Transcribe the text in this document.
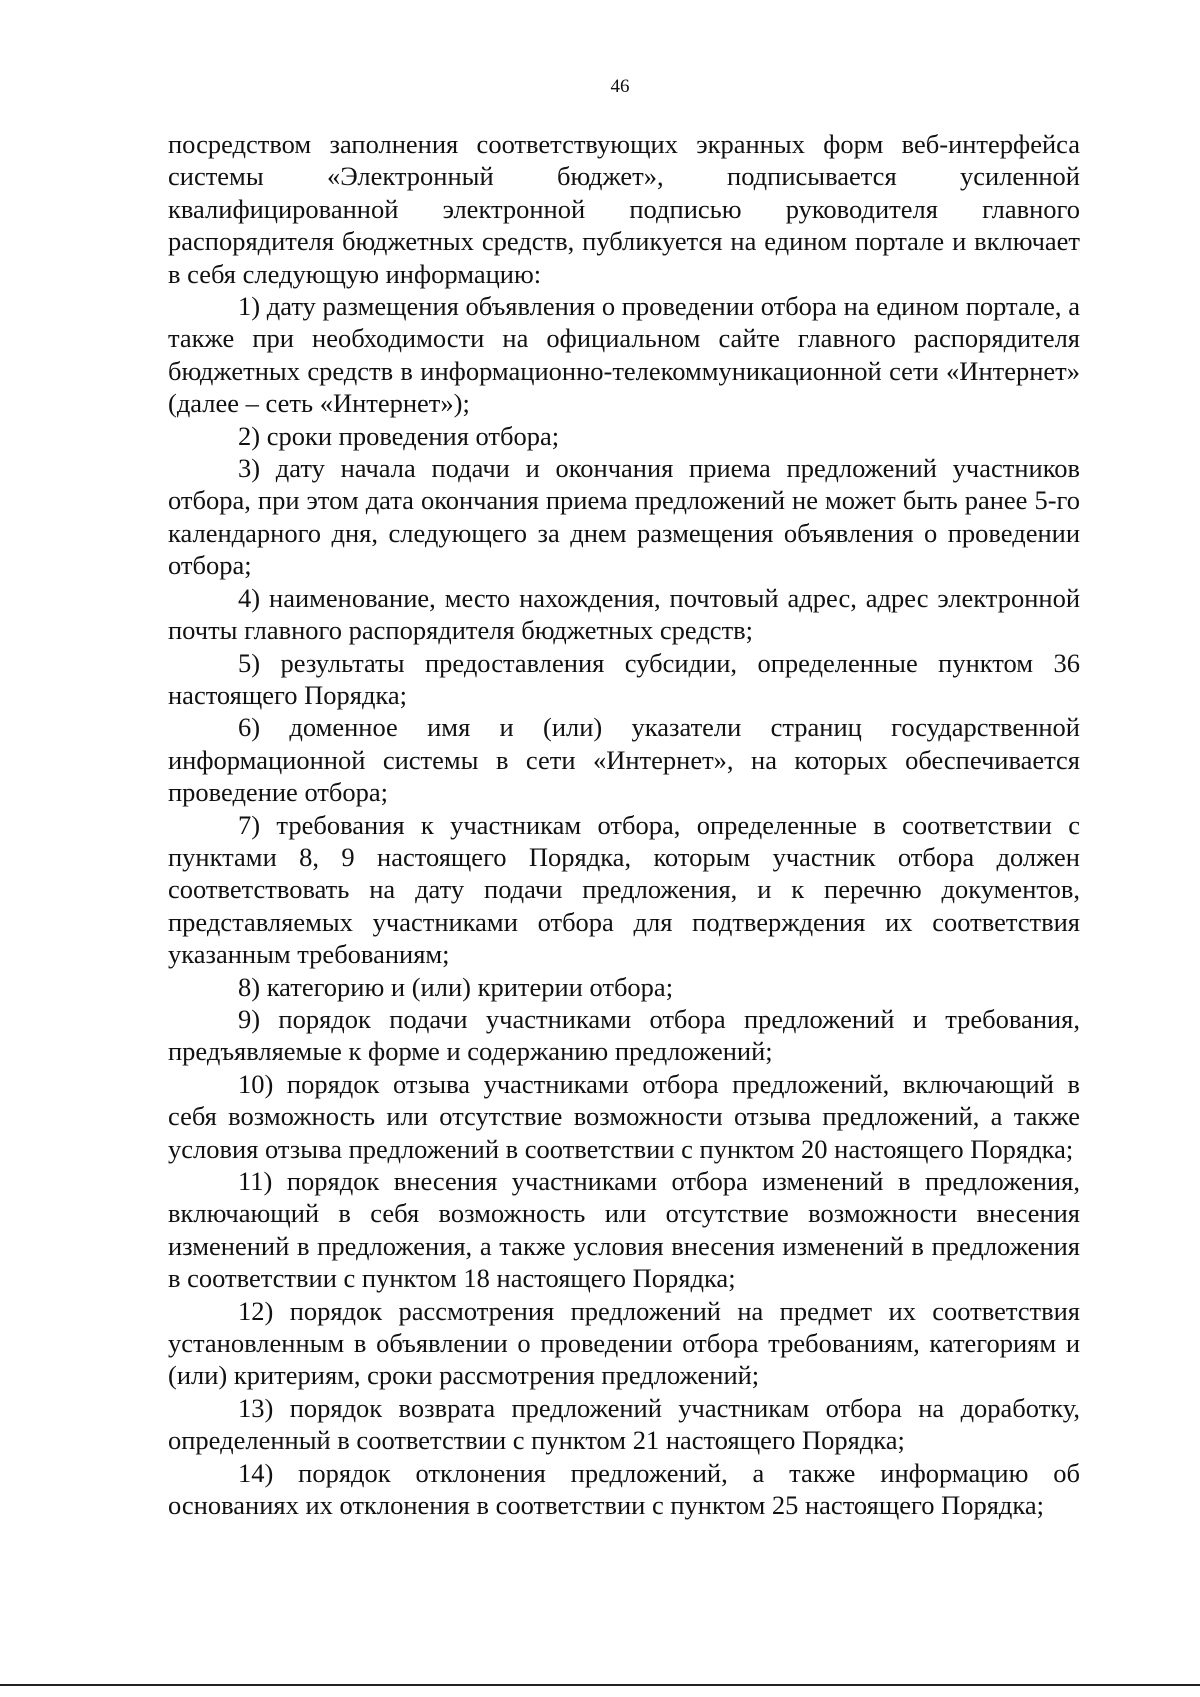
46

посредством заполнения соответствующих экранных форм веб-интерфейса системы «Электронный бюджет», подписывается усиленной квалифицированной электронной подписью руководителя главного распорядителя бюджетных средств, публикуется на едином портале и включает в себя следующую информацию:

1) дату размещения объявления о проведении отбора на едином портале, а также при необходимости на официальном сайте главного распорядителя бюджетных средств в информационно-телекоммуникационной сети «Интернет» (далее – сеть «Интернет»);

2) сроки проведения отбора;

3) дату начала подачи и окончания приема предложений участников отбора, при этом дата окончания приема предложений не может быть ранее 5-го календарного дня, следующего за днем размещения объявления о проведении отбора;

4) наименование, место нахождения, почтовый адрес, адрес электронной почты главного распорядителя бюджетных средств;

5) результаты предоставления субсидии, определенные пунктом 36 настоящего Порядка;

6) доменное имя и (или) указатели страниц государственной информационной системы в сети «Интернет», на которых обеспечивается проведение отбора;

7) требования к участникам отбора, определенные в соответствии с пунктами 8, 9 настоящего Порядка, которым участник отбора должен соответствовать на дату подачи предложения, и к перечню документов, представляемых участниками отбора для подтверждения их соответствия указанным требованиям;

8) категорию и (или) критерии отбора;

9) порядок подачи участниками отбора предложений и требования, предъявляемые к форме и содержанию предложений;

10) порядок отзыва участниками отбора предложений, включающий в себя возможность или отсутствие возможности отзыва предложений, а также условия отзыва предложений в соответствии с пунктом 20 настоящего Порядка;

11) порядок внесения участниками отбора изменений в предложения, включающий в себя возможность или отсутствие возможности внесения изменений в предложения, а также условия внесения изменений в предложения в соответствии с пунктом 18 настоящего Порядка;

12) порядок рассмотрения предложений на предмет их соответствия установленным в объявлении о проведении отбора требованиям, категориям и (или) критериям, сроки рассмотрения предложений;

13) порядок возврата предложений участникам отбора на доработку, определенный в соответствии с пунктом 21 настоящего Порядка;

14) порядок отклонения предложений, а также информацию об основаниях их отклонения в соответствии с пунктом 25 настоящего Порядка;
